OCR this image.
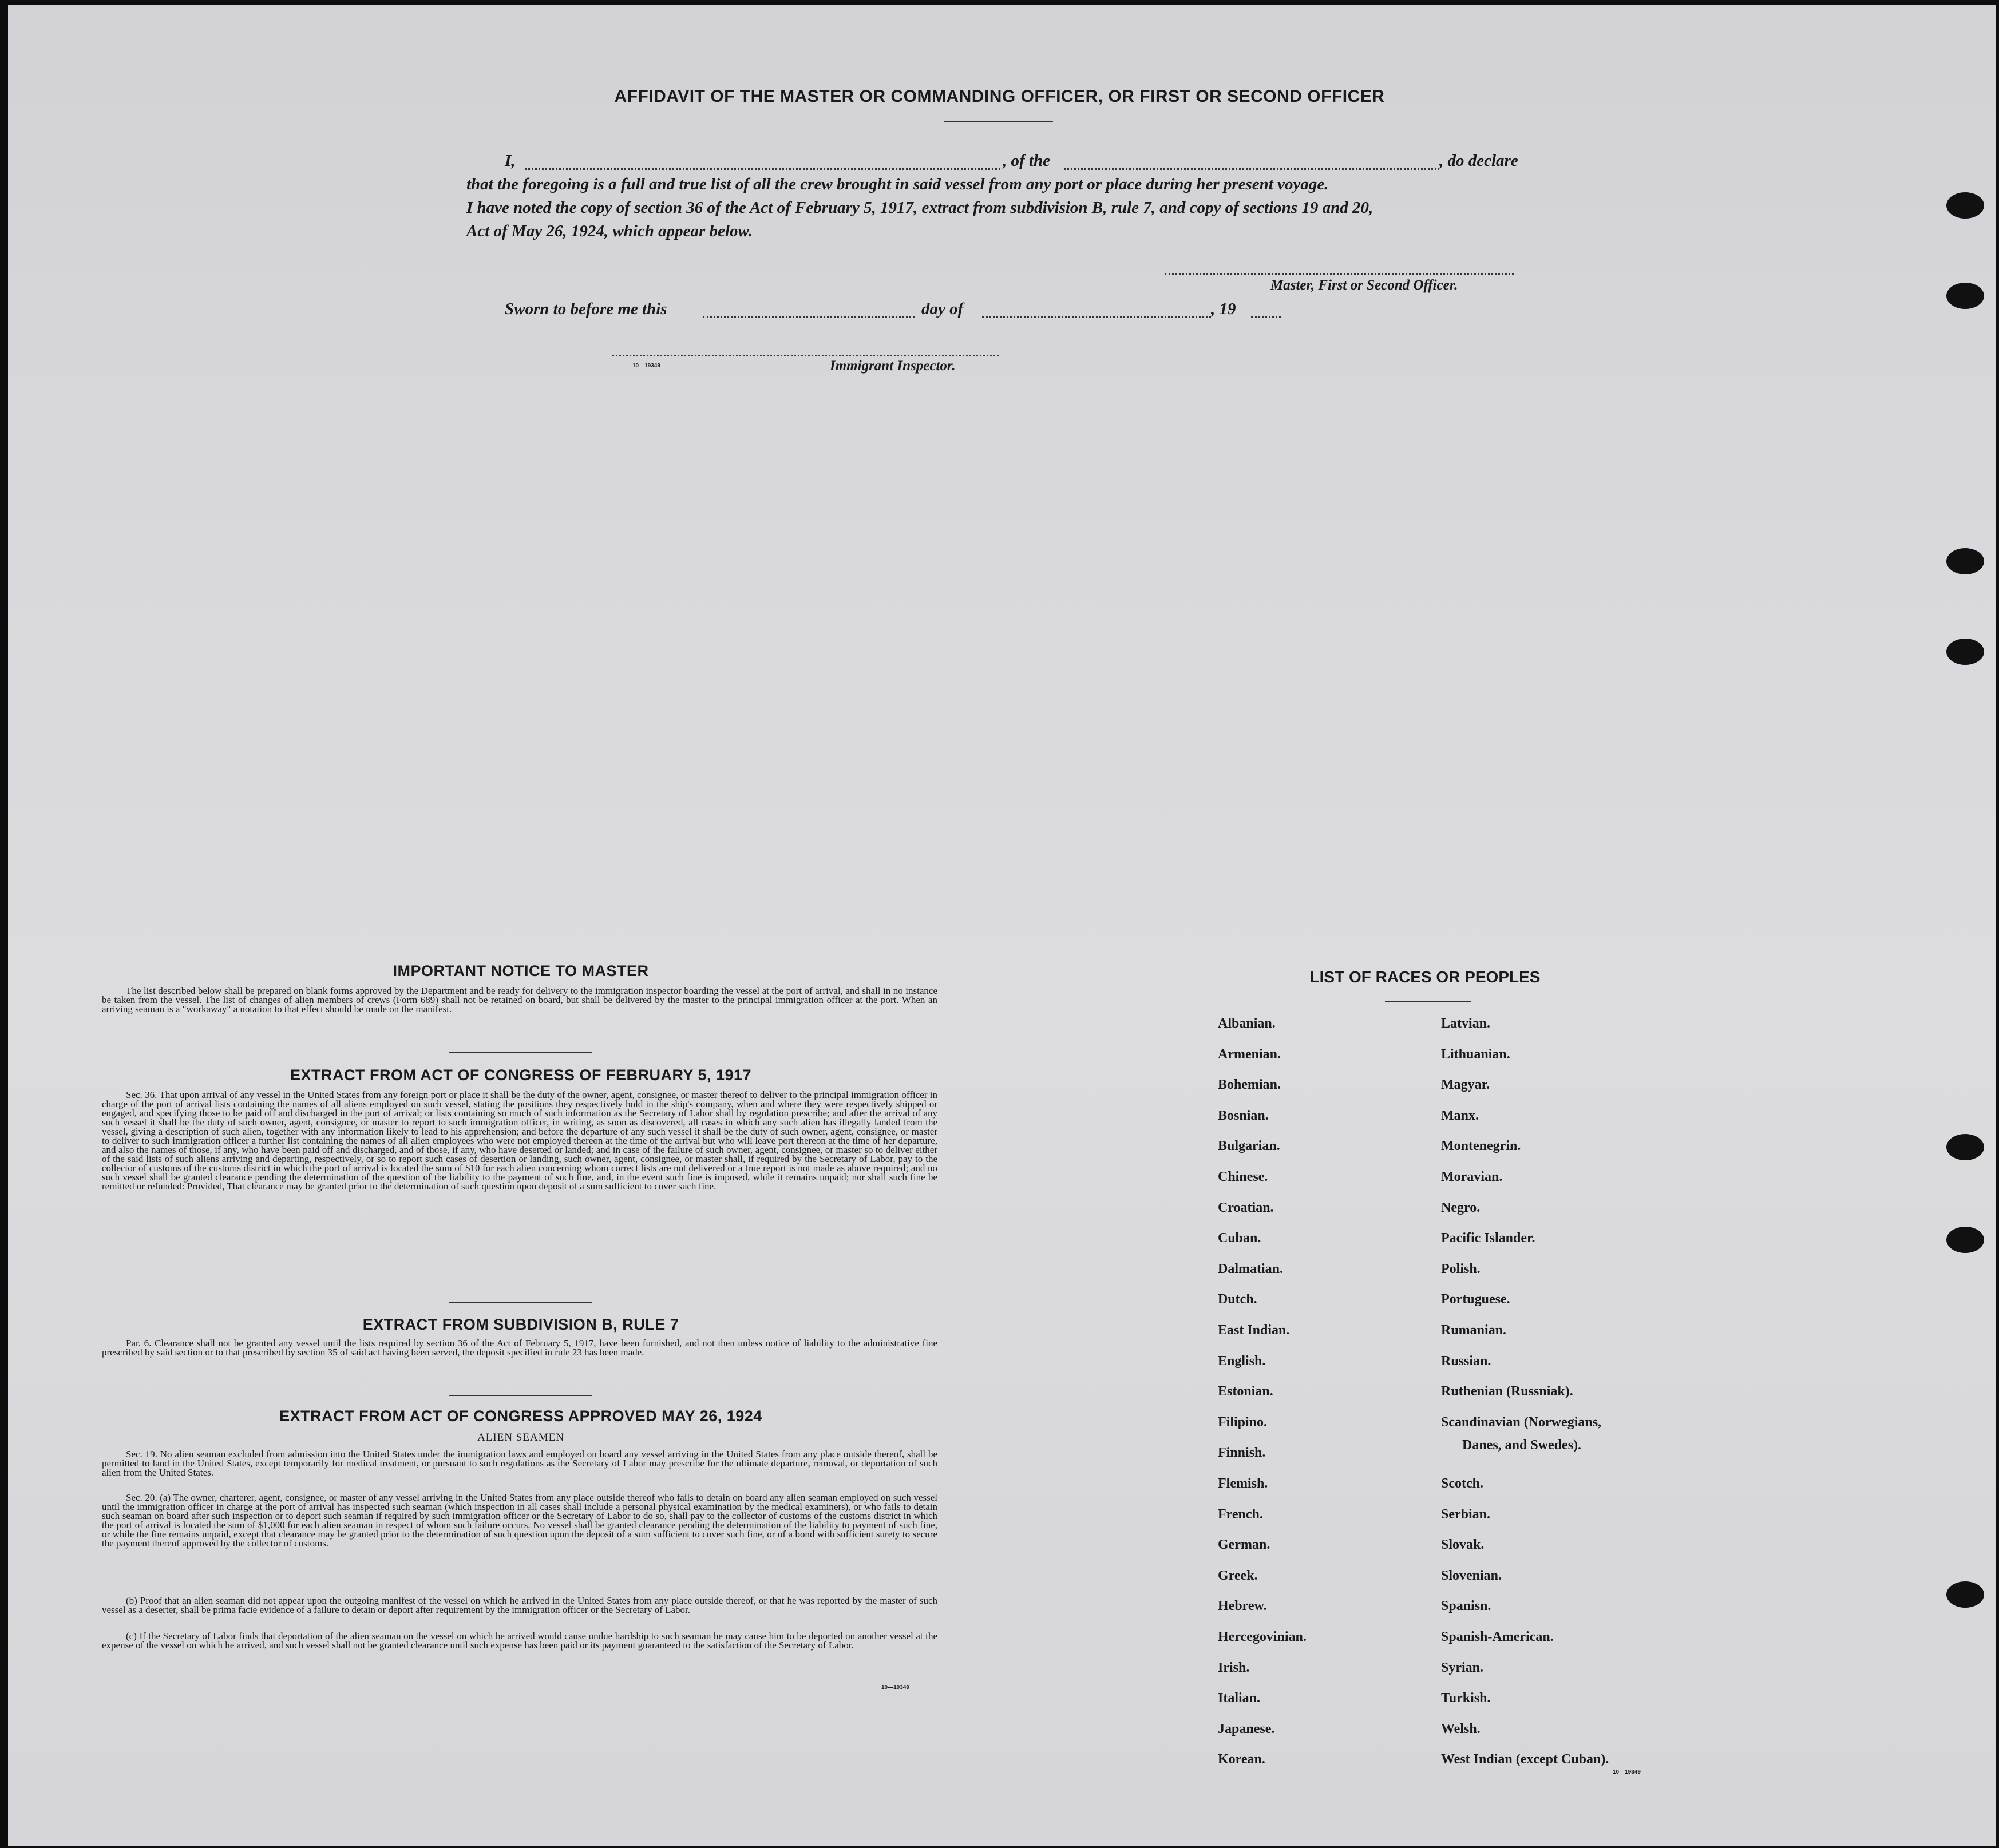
AFFIDAVIT OF THE MASTER OR COMMANDING OFFICER, OR FIRST OR SECOND OFFICER
I,	, of the	, do declare
that the foregoing is a full and true list of all the crew brought in said vessel from any port or place during her present voyage.
I have noted the copy of section 36 of the Act of February 5, 1917, extract from subdivision B, rule 7, and copy of sections 19 and 20,
Act of May 26, 1924, which appear below.
Master, First or Second Officer.
Sworn to before me this	day of	, 19
10—19349	Immigrant Inspector.
IMPORTANT NOTICE TO MASTER
The list described below shall be prepared on blank forms approved by the Department and be ready for delivery to the immigration inspector boarding the vessel at the port of arrival, and shall in no instance be taken from the vessel. The list of changes of alien members of crews (Form 689) shall not be retained on board, but shall be delivered by the master to the principal immigration officer at the port. When an arriving seaman is a "workaway" a notation to that effect should be made on the manifest.
EXTRACT FROM ACT OF CONGRESS OF FEBRUARY 5, 1917
Sec. 36. That upon arrival of any vessel in the United States from any foreign port or place it shall be the duty of the owner, agent, consignee, or master thereof to deliver to the principal immigration officer in charge of the port of arrival lists containing the names of all aliens employed on such vessel, stating the positions they respectively hold in the ship's company, when and where they were respectively shipped or engaged, and specifying those to be paid off and discharged in the port of arrival; or lists containing so much of such information as the Secretary of Labor shall by regulation prescribe; and after the arrival of any such vessel it shall be the duty of such owner, agent, consignee, or master to report to such immigration officer, in writing, as soon as discovered, all cases in which any such alien has illegally landed from the vessel, giving a description of such alien, together with any information likely to lead to his apprehension; and before the departure of any such vessel it shall be the duty of such owner, agent, consignee, or master to deliver to such immigration officer a further list containing the names of all alien employees who were not employed thereon at the time of the arrival but who will leave port thereon at the time of her departure, and also the names of those, if any, who have been paid off and discharged, and of those, if any, who have deserted or landed; and in case of the failure of such owner, agent, consignee, or master so to deliver either of the said lists of such aliens arriving and departing, respectively, or so to report such cases of desertion or landing, such owner, agent, consignee, or master shall, if required by the Secretary of Labor, pay to the collector of customs of the customs district in which the port of arrival is located the sum of $10 for each alien concerning whom correct lists are not delivered or a true report is not made as above required; and no such vessel shall be granted clearance pending the determination of the question of the liability to the payment of such fine, and, in the event such fine is imposed, while it remains unpaid; nor shall such fine be remitted or refunded: Provided, That clearance may be granted prior to the determination of such question upon deposit of a sum sufficient to cover such fine.
EXTRACT FROM SUBDIVISION B, RULE 7
Par. 6. Clearance shall not be granted any vessel until the lists required by section 36 of the Act of February 5, 1917, have been furnished, and not then unless notice of liability to the administrative fine prescribed by said section or to that prescribed by section 35 of said act having been served, the deposit specified in rule 23 has been made.
EXTRACT FROM ACT OF CONGRESS APPROVED MAY 26, 1924
ALIEN SEAMEN
Sec. 19. No alien seaman excluded from admission into the United States under the immigration laws and employed on board any vessel arriving in the United States from any place outside thereof, shall be permitted to land in the United States, except temporarily for medical treatment, or pursuant to such regulations as the Secretary of Labor may prescribe for the ultimate departure, removal, or deportation of such alien from the United States.
Sec. 20. (a) The owner, charterer, agent, consignee, or master of any vessel arriving in the United States from any place outside thereof who fails to detain on board any alien seaman employed on such vessel until the immigration officer in charge at the port of arrival has inspected such seaman (which inspection in all cases shall include a personal physical examination by the medical examiners), or who fails to detain such seaman on board after such inspection or to deport such seaman if required by such immigration officer or the Secretary of Labor to do so, shall pay to the collector of customs of the customs district in which the port of arrival is located the sum of $1,000 for each alien seaman in respect of whom such failure occurs. No vessel shall be granted clearance pending the determination of the liability to payment of such fine, or while the fine remains unpaid, except that clearance may be granted prior to the determination of such question upon the deposit of a sum sufficient to cover such fine, or of a bond with sufficient surety to secure the payment thereof approved by the collector of customs.
(b) Proof that an alien seaman did not appear upon the outgoing manifest of the vessel on which he arrived in the United States from any place outside thereof, or that he was reported by the master of such vessel as a deserter, shall be prima facie evidence of a failure to detain or deport after requirement by the immigration officer or the Secretary of Labor.
(c) If the Secretary of Labor finds that deportation of the alien seaman on the vessel on which he arrived would cause undue hardship to such seaman he may cause him to be deported on another vessel at the expense of the vessel on which he arrived, and such vessel shall not be granted clearance until such expense has been paid or its payment guaranteed to the satisfaction of the Secretary of Labor.
10—19349
LIST OF RACES OR PEOPLES
Albanian.
Armenian.
Bohemian.
Bosnian.
Bulgarian.
Chinese.
Croatian.
Cuban.
Dalmatian.
Dutch.
East Indian.
English.
Estonian.
Filipino.
Finnish.
Flemish.
French.
German.
Greek.
Hebrew.
Hercegovinian.
Irish.
Italian.
Japanese.
Korean.
Latvian.
Lithuanian.
Magyar.
Manx.
Montenegrin.
Moravian.
Negro.
Pacific Islander.
Polish.
Portuguese.
Rumanian.
Russian.
Ruthenian (Russniak).
Scandinavian (Norwegians,
Scotch.
Serbian.
Slovak.
Slovenian.
Spanisn.
Spanish-American.
Syrian.
Turkish.
Welsh.
West Indian (except Cuban).
Danes, and Swedes).
10—19349
